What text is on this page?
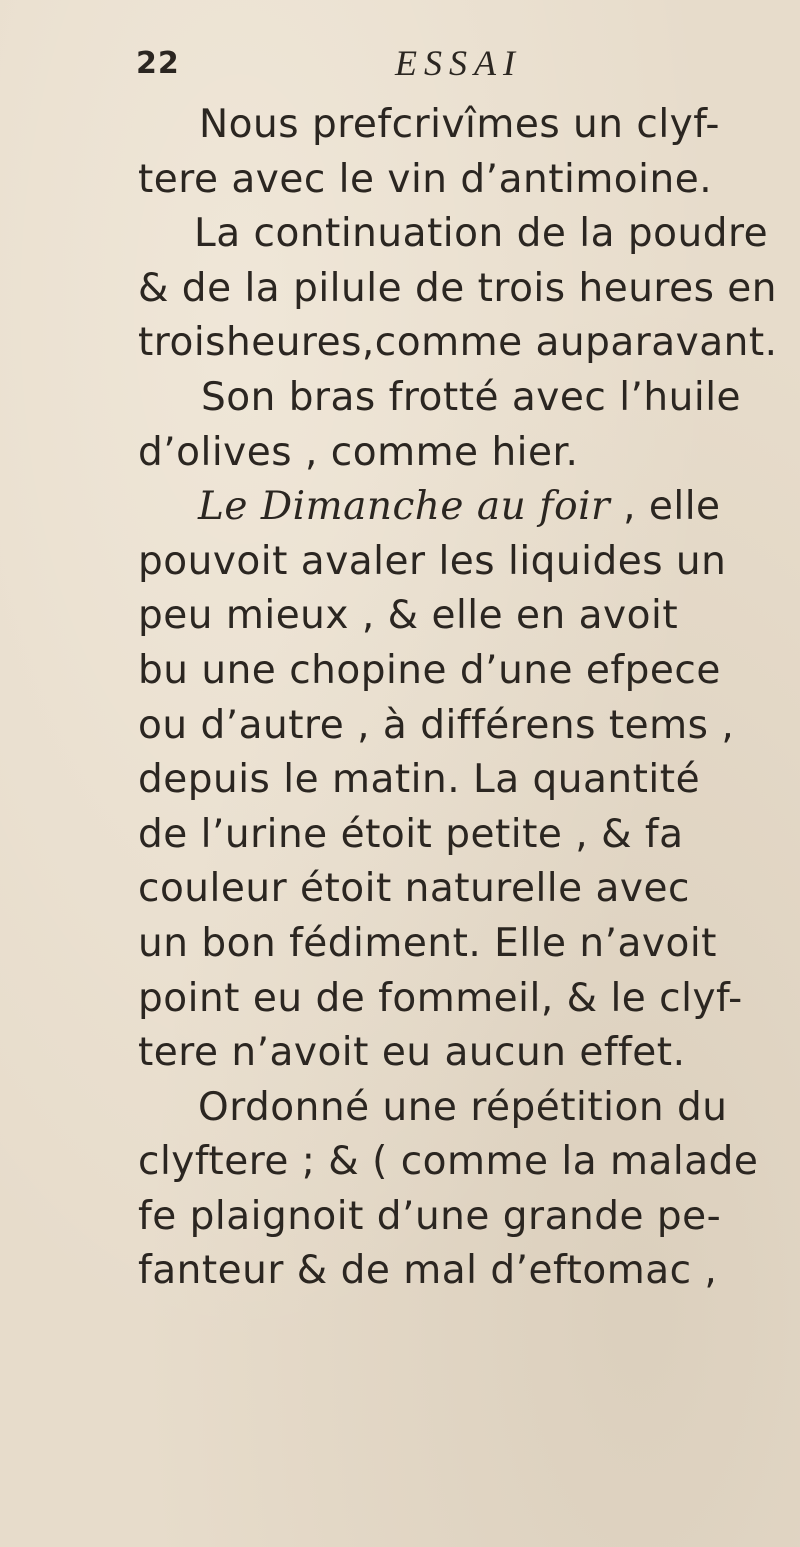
22	ESSAI
Nous prefcrivîmes un clyf-
tere avec le vin d’antimoine.
La continuation de la poudre
& de la pilule de trois heures en
troisheures,comme auparavant.
Son bras frotté avec l’huile
d’olives , comme hier.
Le Dimanche au foir , elle
pouvoit avaler les liquides un
peu mieux , & elle en avoit
bu une chopine d’une efpece
ou d’autre , à différens tems ,
depuis le matin. La quantité
de l’urine étoit petite , & fa
couleur étoit naturelle avec
un bon fédiment. Elle n’avoit
point eu de fommeil, & le clyf-
tere n’avoit eu aucun effet.
Ordonné une répétition du
clyftere ; & ( comme la malade
fe plaignoit d’une grande pe-
fanteur & de mal d’eftomac ,
